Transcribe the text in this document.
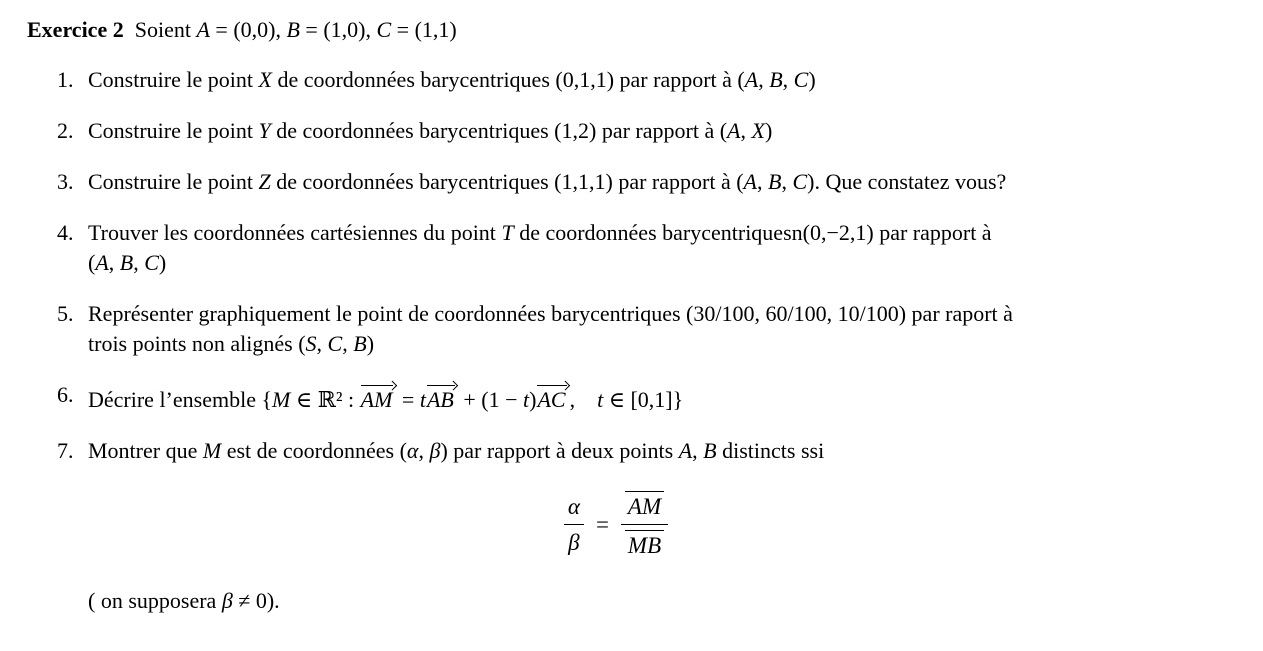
Exercice 2 Soient A = (0,0), B = (1,0), C = (1,1)

1. Construire le point X de coordonnées barycentriques (0,1,1) par rapport à (A, B, C)
2. Construire le point Y de coordonnées barycentriques (1,2) par rapport à (A, X)
3. Construire le point Z de coordonnées barycentriques (1,1,1) par rapport à (A, B, C). Que constatez vous?
4. Trouver les coordonnées cartésiennes du point T de coordonnées barycentriquesn(0,−2,1) par rapport à
(A, B, C)
5. Représenter graphiquement le point de coordonnées barycentriques (30/100, 60/100, 10/100) par raport à
trois points non alignés (S, C, B)
6. Décrire l’ensemble {M ∈ ℝ² : AM = tAB + (1 − t)AC , t ∈ [0,1]}
7. Montrer que M est de coordonnées (α, β) par rapport à deux points A, B distincts ssi
$\frac{\alpha}{\beta} = \frac{AM}{MB}$

( on supposera β ≠ 0).
